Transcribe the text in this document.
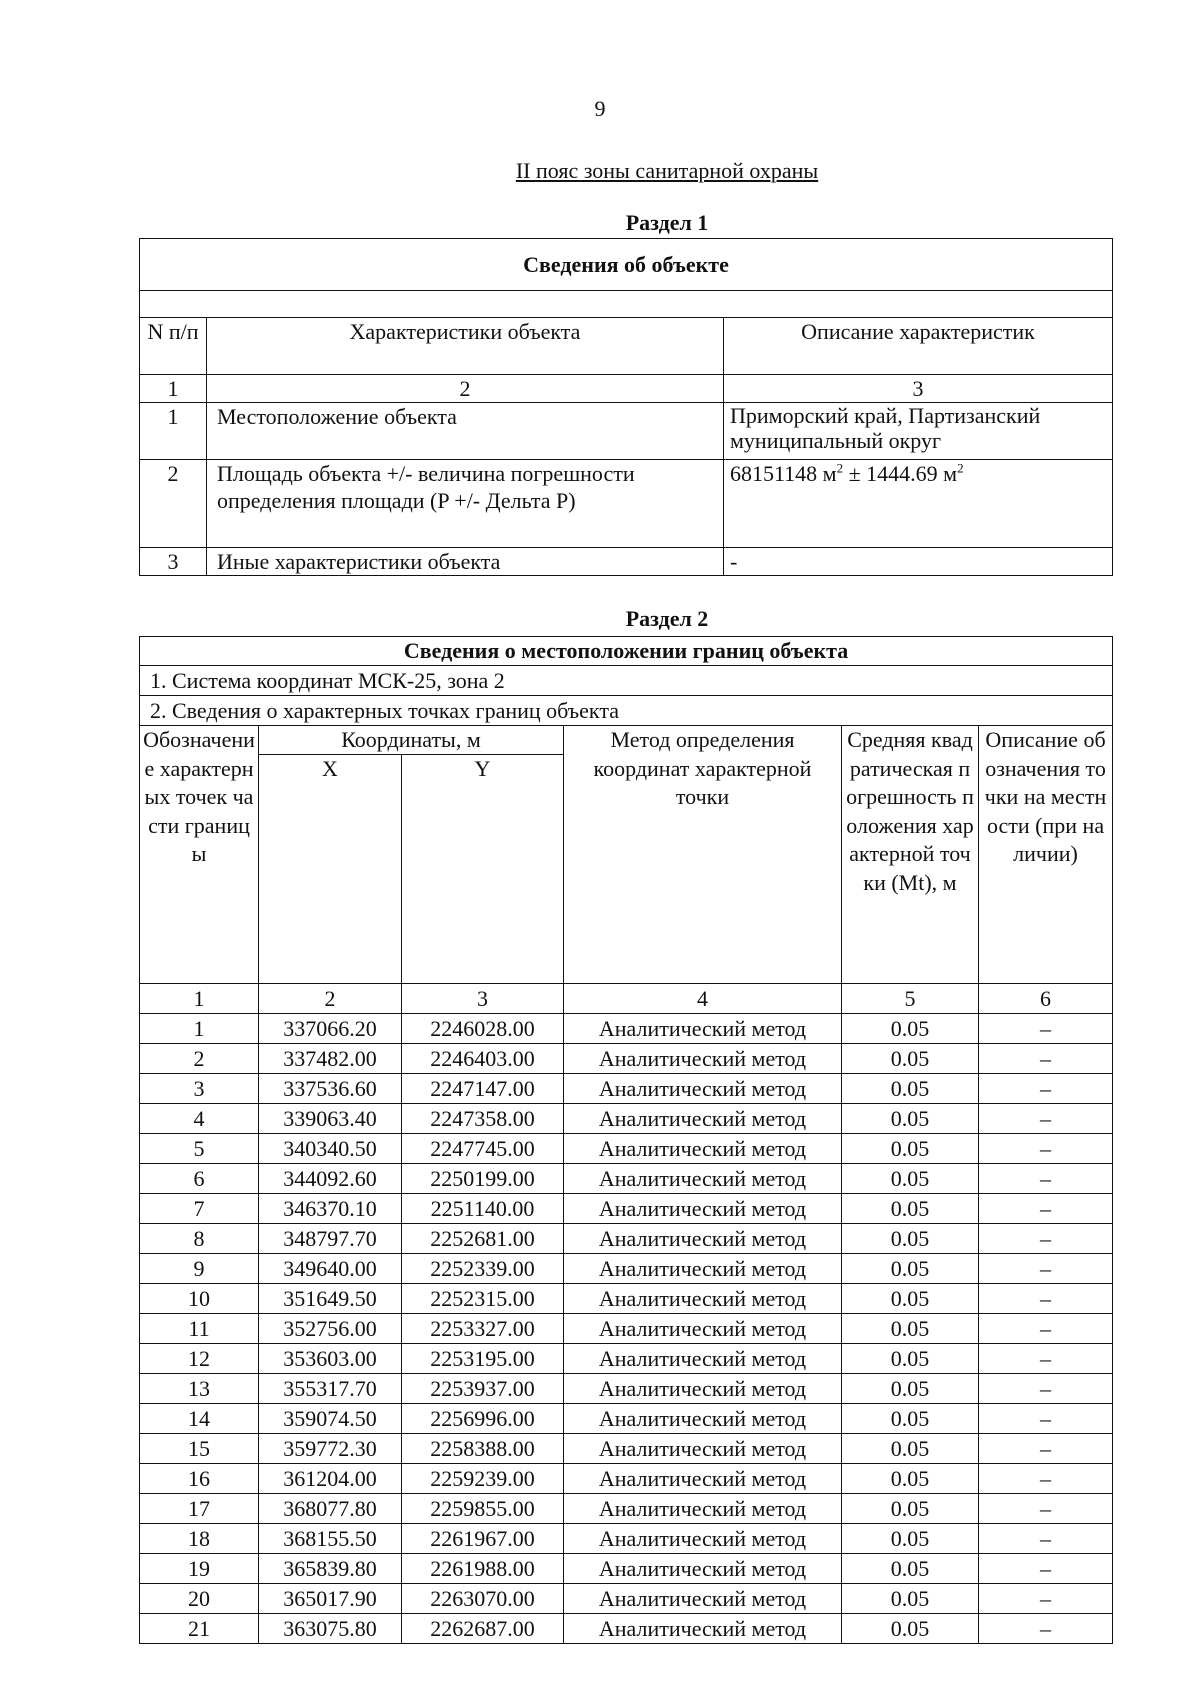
9
II пояс зоны санитарной охраны
Раздел 1
Сведения об объекте		

N п/п	Характеристики объекта	Описание характеристик
1	2	3
1	Местоположение объекта	Приморский край, Партизанский муниципальный округ
2	Площадь объекта +/- величина погрешности определения площади (P +/- Дельта P)	68151148 $м^2 \pm 1444.69$ $м^2$
3	Иные характеристики объекта	-
Раздел 2
Сведения о местоположении границ объекта					
1. Система координат МСК-25, зона 2					
2. Сведения о характерных точках границ объекта					
Обозначение характерных точек части границы	Координаты, м		Метод определения координат характерной точки	Средняя квадратическая погрешность положения характерной точки (Mt), м	Описание обозначения точки на местности (при наличии)
	X	Y			
1	2	3	4	5	6
1	337066.20	2246028.00	Аналитический метод	0.05	–
2	337482.00	2246403.00	Аналитический метод	0.05	–
3	337536.60	2247147.00	Аналитический метод	0.05	–
4	339063.40	2247358.00	Аналитический метод	0.05	–
5	340340.50	2247745.00	Аналитический метод	0.05	–
6	344092.60	2250199.00	Аналитический метод	0.05	–
7	346370.10	2251140.00	Аналитический метод	0.05	–
8	348797.70	2252681.00	Аналитический метод	0.05	–
9	349640.00	2252339.00	Аналитический метод	0.05	–
10	351649.50	2252315.00	Аналитический метод	0.05	–
11	352756.00	2253327.00	Аналитический метод	0.05	–
12	353603.00	2253195.00	Аналитический метод	0.05	–
13	355317.70	2253937.00	Аналитический метод	0.05	–
14	359074.50	2256996.00	Аналитический метод	0.05	–
15	359772.30	2258388.00	Аналитический метод	0.05	–
16	361204.00	2259239.00	Аналитический метод	0.05	–
17	368077.80	2259855.00	Аналитический метод	0.05	–
18	368155.50	2261967.00	Аналитический метод	0.05	–
19	365839.80	2261988.00	Аналитический метод	0.05	–
20	365017.90	2263070.00	Аналитический метод	0.05	–
21	363075.80	2262687.00	Аналитический метод	0.05	–
